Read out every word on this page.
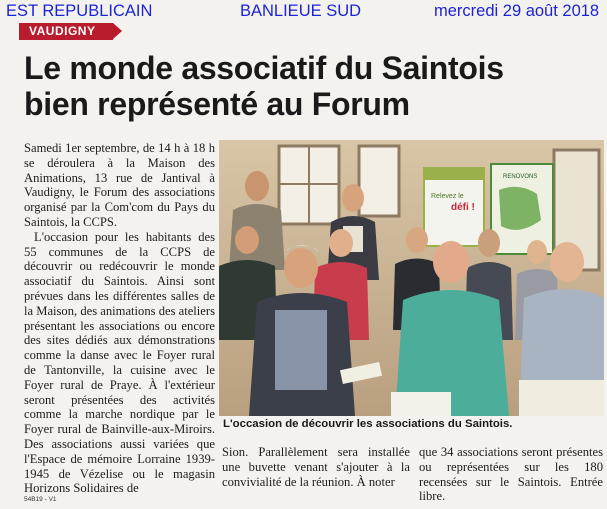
EST REPUBLICAIN	BANLIEUE SUD	mercredi 29 août 2018
VAUDIGNY
Le monde associatif du Saintois
bien représenté au Forum

Samedi 1er septembre, de 14 h à 18 h se déroulera à la Maison des Animations, 13 rue de Jantival à Vaudigny, le Forum des associations organisé par la Com'com du Pays du Saintois, la CCPS.

L'occasion pour les habitants des 55 communes de la CCPS de découvrir ou redécouvrir le monde associatif du Saintois. Ainsi sont prévues dans les différentes salles de la Maison, des animations des ateliers présentant les associations ou encore des sites dédiés aux démonstrations comme la danse avec le Foyer rural de Tantonville, la cuisine avec le Foyer rural de Praye. À l'extérieur seront présentées des activités comme la marche nordique par le Foyer rural de Bainville-aux-Miroirs. Des associations aussi variées que l'Espace de mémoire Lorraine 1939-1945 de Vézelise ou le magasin Horizons Solidaires de

Relevez le
défi !
RENOVONS
L'occasion de découvrir les associations du Saintois.

Sion. Parallèlement sera installée une buvette venant s'ajouter à la convivialité de la réunion. À noter

que 34 associations seront présentes ou représentées sur les 180 recensées sur le Saintois. Entrée libre.

54B19 - V1
